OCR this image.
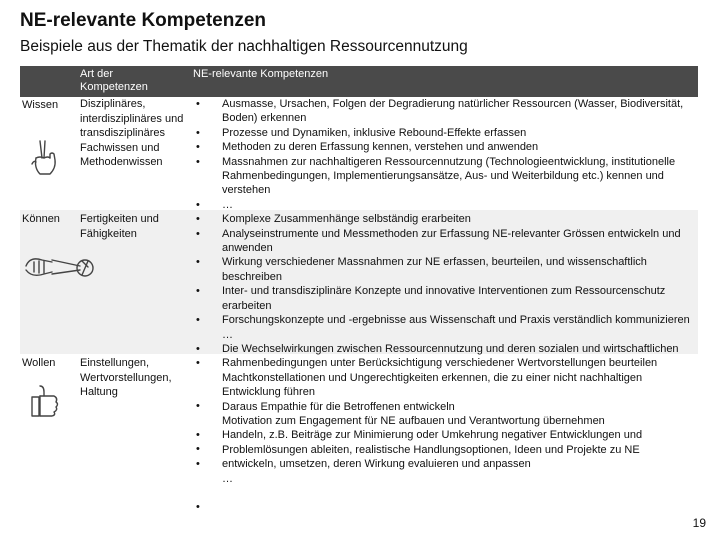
NE-relevante Kompetenzen
Beispiele aus der Thematik der nachhaltigen Ressourcennutzung
Art der Kompetenzen
NE-relevante Kompetenzen
Wissen Disziplinäres, interdisziplinäres und transdisziplinäres Fachwissen und Methodenwissen
Können Fertigkeiten und Fähigkeiten
Wollen Einstellungen, Wertvorstellungen, Haltung
•
•
•
•
•
•
•
•
•
•
•
•
•
•
•
•
•
Ausmasse, Ursachen, Folgen der Degradierung natürlicher Ressourcen (Wasser, Biodiversität, Boden) erkennen
Prozesse und Dynamiken, inklusive Rebound-Effekte erfassen
Methoden zu deren Erfassung kennen, verstehen und anwenden
Massnahmen zur nachhaltigeren Ressourcennutzung (Technologieentwicklung, institutionelle Rahmenbedingungen, Implementierungsansätze, Aus- und Weiterbildung etc.) kennen und verstehen
…
Komplexe Zusammenhänge selbständig erarbeiten
Analyseinstrumente und Messmethoden zur Erfassung NE-relevanter Grössen entwickeln und anwenden
Wirkung verschiedener Massnahmen zur NE erfassen, beurteilen, und wissenschaftlich beschreiben
Inter- und transdisziplinäre Konzepte und innovative Interventionen zum Ressourcenschutz erarbeiten
Forschungskonzepte und -ergebnisse aus Wissenschaft und Praxis verständlich kommunizieren
…
Die Wechselwirkungen zwischen Ressourcennutzung und deren sozialen und wirtschaftlichen Rahmenbedingungen unter Berücksichtigung verschiedener Wertvorstellungen beurteilen
Machtkonstellationen und Ungerechtigkeiten erkennen, die zu einer nicht nachhaltigen Entwicklung führen
Daraus Empathie für die Betroffenen entwickeln
Motivation zum Engagement für NE aufbauen und Verantwortung übernehmen
Handeln, z.B. Beiträge zur Minimierung oder Umkehrung negativer Entwicklungen und Problemlösungen ableiten, realistische Handlungsoptionen, Ideen und Projekte zu NE entwickeln, umsetzen, deren Wirkung evaluieren und anpassen
…
19
